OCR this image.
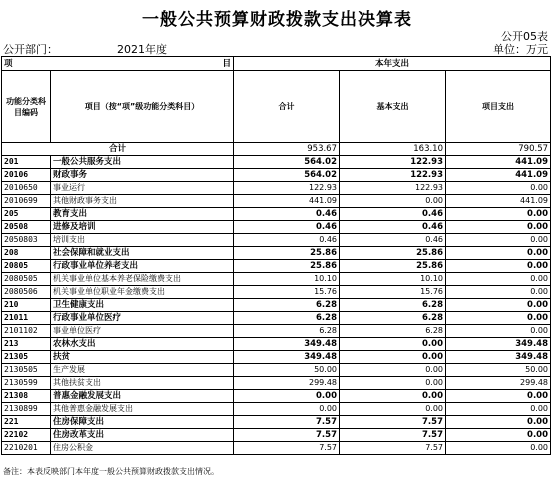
一般公共预算财政拨款支出决算表
公开05表
公开部门：	2021年度	单位：万元
项 目		本年支出		
功能分类科目编码	项目（按“项”级功能分类科目）	合计	基本支出	项目支出
合计		953.67	163.10	790.57
201	一般公共服务支出	564.02	122.93	441.09
20106	财政事务	564.02	122.93	441.09
2010650	事业运行	122.93	122.93	0.00
2010699	其他财政事务支出	441.09	0.00	441.09
205	教育支出	0.46	0.46	0.00
20508	进修及培训	0.46	0.46	0.00
2050803	培训支出	0.46	0.46	0.00
208	社会保障和就业支出	25.86	25.86	0.00
20805	行政事业单位养老支出	25.86	25.86	0.00
2080505	机关事业单位基本养老保险缴费支出	10.10	10.10	0.00
2080506	机关事业单位职业年金缴费支出	15.76	15.76	0.00
210	卫生健康支出	6.28	6.28	0.00
21011	行政事业单位医疗	6.28	6.28	0.00
2101102	事业单位医疗	6.28	6.28	0.00
213	农林水支出	349.48	0.00	349.48
21305	扶贫	349.48	0.00	349.48
2130505	生产发展	50.00	0.00	50.00
2130599	其他扶贫支出	299.48	0.00	299.48
21308	普惠金融发展支出	0.00	0.00	0.00
2130899	其他普惠金融发展支出	0.00	0.00	0.00
221	住房保障支出	7.57	7.57	0.00
22102	住房改革支出	7.57	7.57	0.00
2210201	住房公积金	7.57	7.57	0.00
备注：本表反映部门本年度一般公共预算财政拨款支出情况。
